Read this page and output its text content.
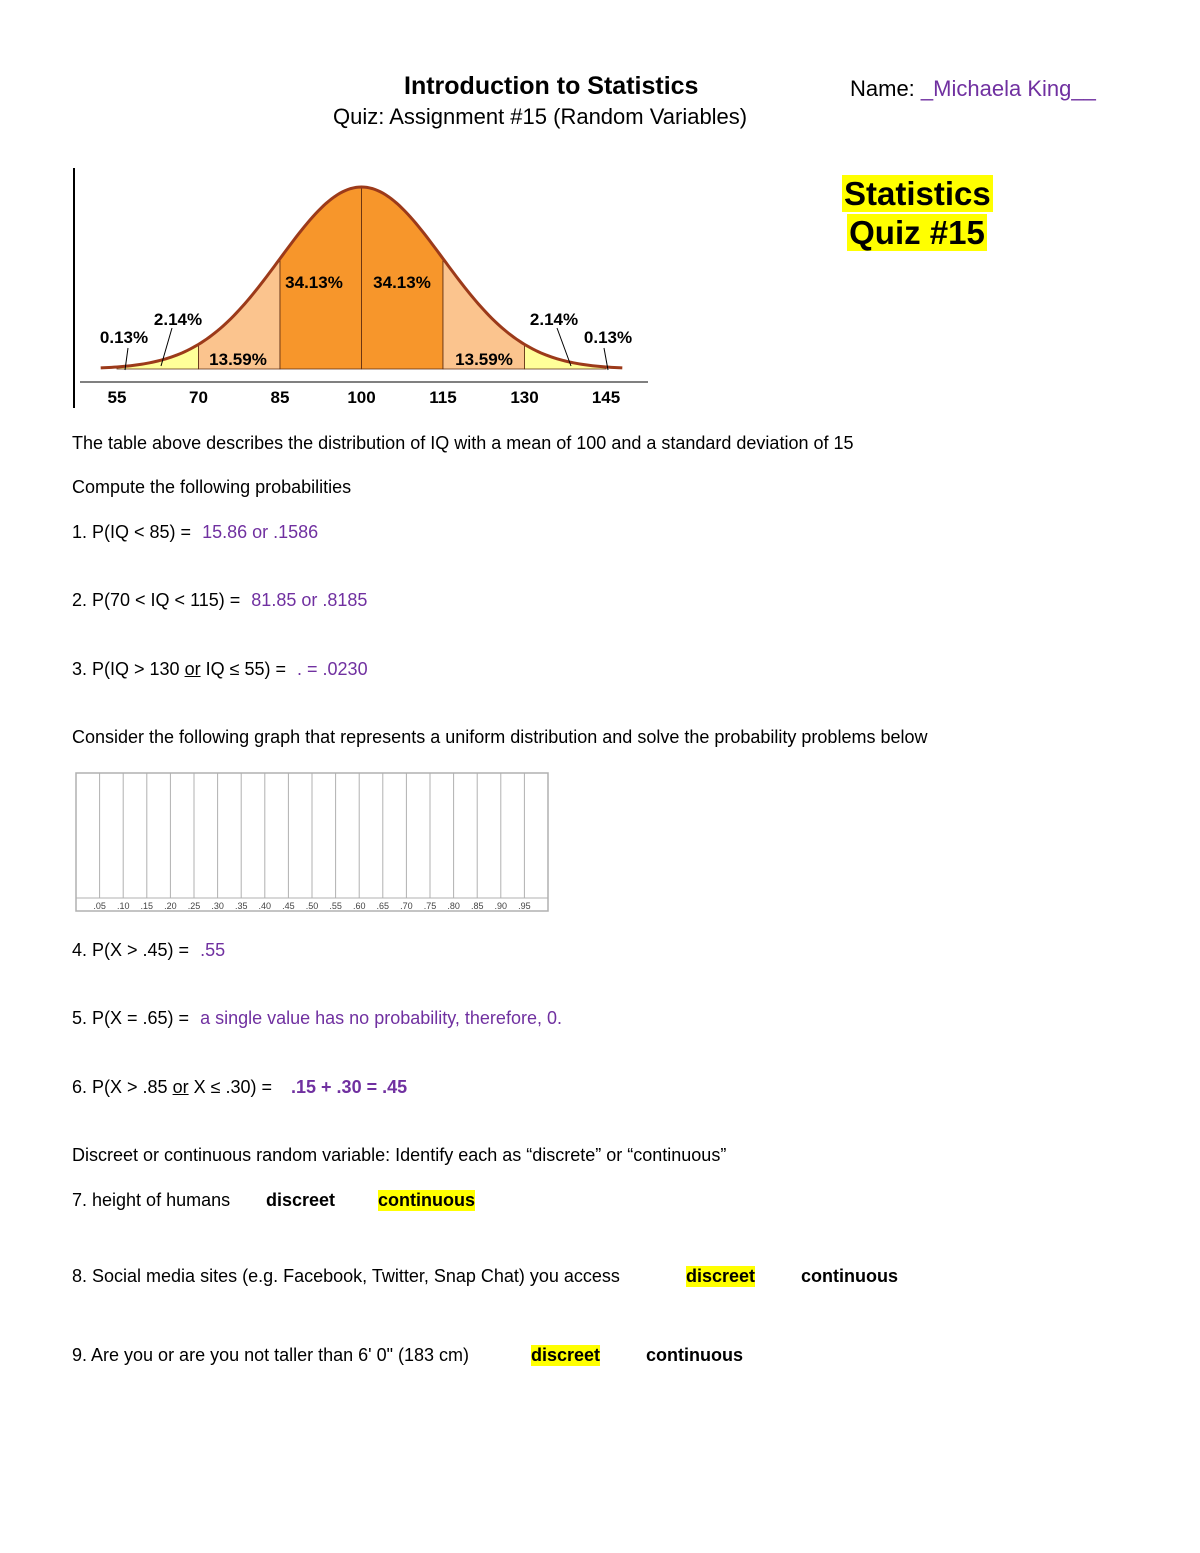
Introduction to Statistics
Quiz: Assignment #15 (Random Variables)
Name: _Michaela King__
Statistics
Quiz #15
55	70	85	100	115	130	145
34.13% 34.13%
13.59%	13.59%
2.14%	2.14%
0.13%	0.13%
The table above describes the distribution of IQ with a mean of 100 and a standard deviation of 15
Compute the following probabilities
1. P(IQ < 85) = 15.86 or .1586
2. P(70 < IQ < 115) = 81.85 or .8185
3. P(IQ > 130 or IQ ≤ 55) = . = .0230
Consider the following graph that represents a uniform distribution and solve the probability problems below
.05 .10 .15 .20 .25 .30 .35 .40 .45 .50 .55 .60 .65 .70 .75 .80 .85 .90 .95
4. P(X > .45) = .55
5. P(X = .65) = a single value has no probability, therefore, 0.
6. P(X > .85 or X ≤ .30) = .15 + .30 = .45
Discreet or continuous random variable: Identify each as “discrete” or “continuous”
7. height of humans discreet continuous
8. Social media sites (e.g. Facebook, Twitter, Snap Chat) you access	discreet	continuous
9. Are you or are you not taller than 6' 0" (183 cm)	discreet	continuous
